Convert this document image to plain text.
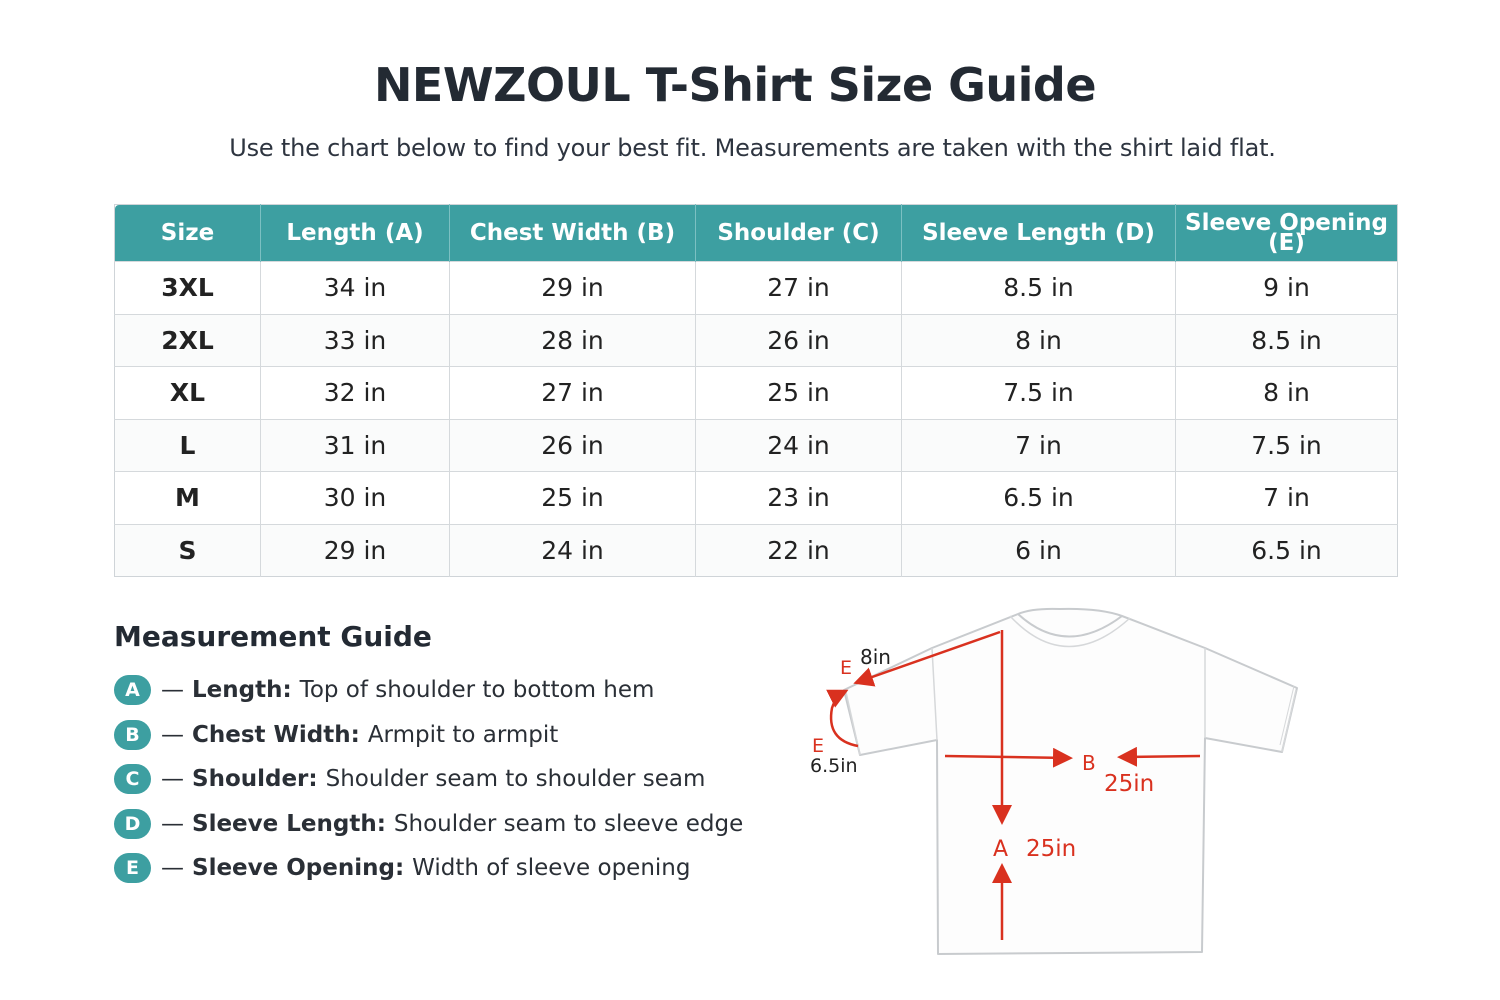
NEWZOUL T-Shirt Size Guide
Use the chart below to find your best fit. Measurements are taken with the shirt laid flat.
Size	Length (A)	Chest Width (B)	Shoulder (C)	Sleeve Length (D)	Sleeve Opening (E)
3XL	34 in	29 in	27 in	8.5 in	9 in
2XL	33 in	28 in	26 in	8 in	8.5 in
XL	32 in	27 in	25 in	7.5 in	8 in
L	31 in	26 in	24 in	7 in	7.5 in
M	30 in	25 in	23 in	6.5 in	7 in
S	29 in	24 in	22 in	6 in	6.5 in
Measurement Guide
A — Length: Top of shoulder to bottom hem
B — Chest Width: Armpit to armpit
C — Shoulder: Shoulder seam to shoulder seam
D — Sleeve Length: Shoulder seam to sleeve edge
E — Sleeve Opening: Width of sleeve opening
E 8in
E
6.5in	B
25in
A 25in
